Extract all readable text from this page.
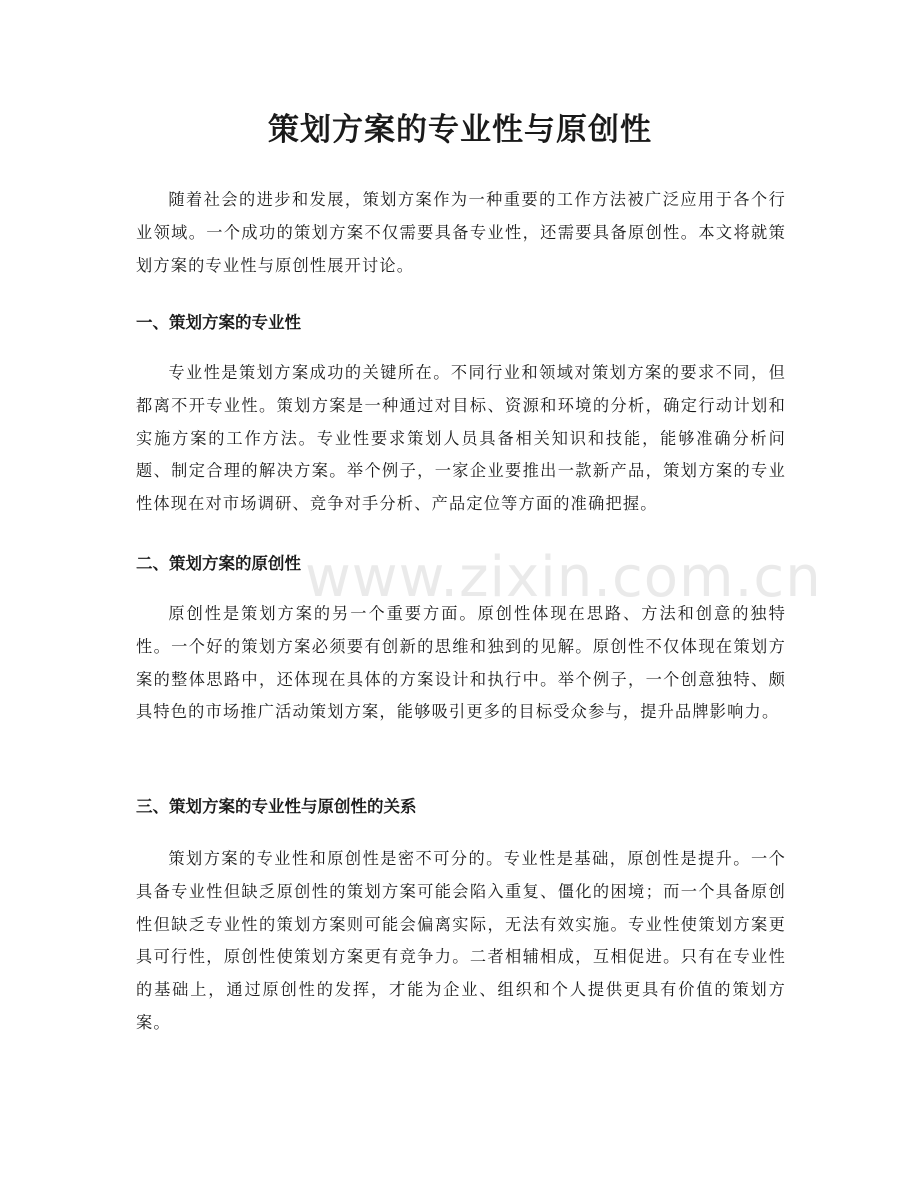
策划方案的专业性与原创性

随着社会的进步和发展，策划方案作为一种重要的工作方法被广泛应用于各个行业领域。一个成功的策划方案不仅需要具备专业性，还需要具备原创性。本文将就策划方案的专业性与原创性展开讨论。

一、策划方案的专业性

专业性是策划方案成功的关键所在。不同行业和领域对策划方案的要求不同，但都离不开专业性。策划方案是一种通过对目标、资源和环境的分析，确定行动计划和实施方案的工作方法。专业性要求策划人员具备相关知识和技能，能够准确分析问题、制定合理的解决方案。举个例子，一家企业要推出一款新产品，策划方案的专业性体现在对市场调研、竞争对手分析、产品定位等方面的准确把握。

二、策划方案的原创性

原创性是策划方案的另一个重要方面。原创性体现在思路、方法和创意的独特性。一个好的策划方案必须要有创新的思维和独到的见解。原创性不仅体现在策划方案的整体思路中，还体现在具体的方案设计和执行中。举个例子，一个创意独特、颇具特色的市场推广活动策划方案，能够吸引更多的目标受众参与，提升品牌影响力。

三、策划方案的专业性与原创性的关系

策划方案的专业性和原创性是密不可分的。专业性是基础，原创性是提升。一个具备专业性但缺乏原创性的策划方案可能会陷入重复、僵化的困境；而一个具备原创性但缺乏专业性的策划方案则可能会偏离实际，无法有效实施。专业性使策划方案更具可行性，原创性使策划方案更有竞争力。二者相辅相成，互相促进。只有在专业性的基础上，通过原创性的发挥，才能为企业、组织和个人提供更具有价值的策划方案。

www.zixin.com.cn
